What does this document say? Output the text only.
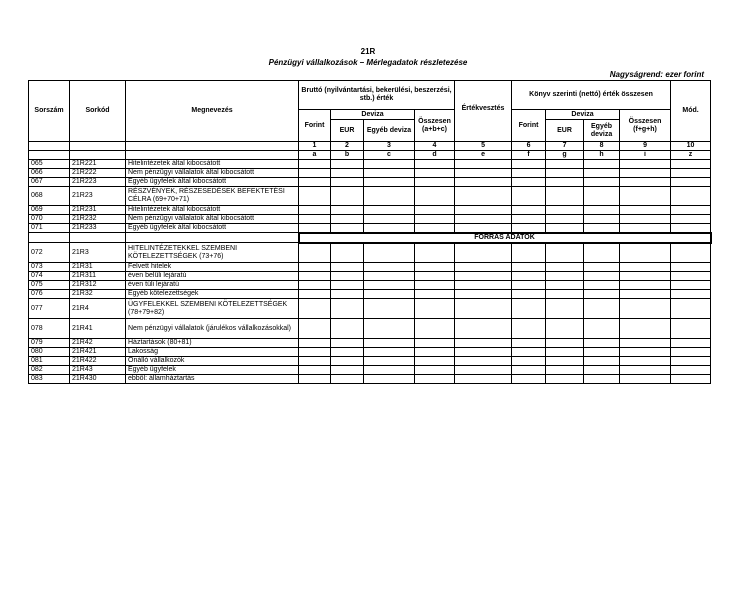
21R
Pénzügyi vállalkozások – Mérlegadatok részletezése
Nagyságrend: ezer forint
Sorszám	Sorkód	Megnevezés	Bruttó (nyilvántartási, bekerülési, beszerzési, stb.) érték				Értékvesztés	Könyv szerinti (nettó) érték összesen				Mód.
			Forint	Deviza		Összesen (a+b+c)		Forint	Deviza		Összesen (f+g+h)	
				EUR	Egyéb deviza				EUR	Egyéb deviza		
			1	2	3	4	5	6	7	8	9	10
			a	b	c	d	e	f	g	h	i	z
065	21R221	Hitelintézetek által kibocsátott										
066	21R222	Nem pénzügyi vállalatok által kibocsátott										
067	21R223	Egyéb ügyfelek által kibocsátott										
068	21R23	RÉSZVÉNYEK, RÉSZESEDÉSEK BEFEKTETÉSI CÉLRA (69+70+71)										
069	21R231	Hitelintézetek által kibocsátott										
070	21R232	Nem pénzügyi vállalatok által kibocsátott										
071	21R233	Egyéb ügyfelek által kibocsátott										
			FORRÁS ADATOK									
072	21R3	HITELINTÉZETEKKEL SZEMBENI KÖTELEZETTSÉGEK (73+76)										
073	21R31	Felvett hitelek										
074	21R311	éven belüli lejáratú										
075	21R312	éven túli lejáratú										
076	21R32	Egyéb kötelezettségek										
077	21R4	ÜGYFELEKKEL SZEMBENI KÖTELEZETTSÉGEK (78+79+82)										
078	21R41	Nem pénzügyi vállalatok (járulékos vállalkozásokkal)										
079	21R42	Háztartások (80+81)										
080	21R421	Lakosság										
081	21R422	Önálló vállalkozók										
082	21R43	Egyéb ügyfelek										
083	21R430	ebből: államháztartás										
